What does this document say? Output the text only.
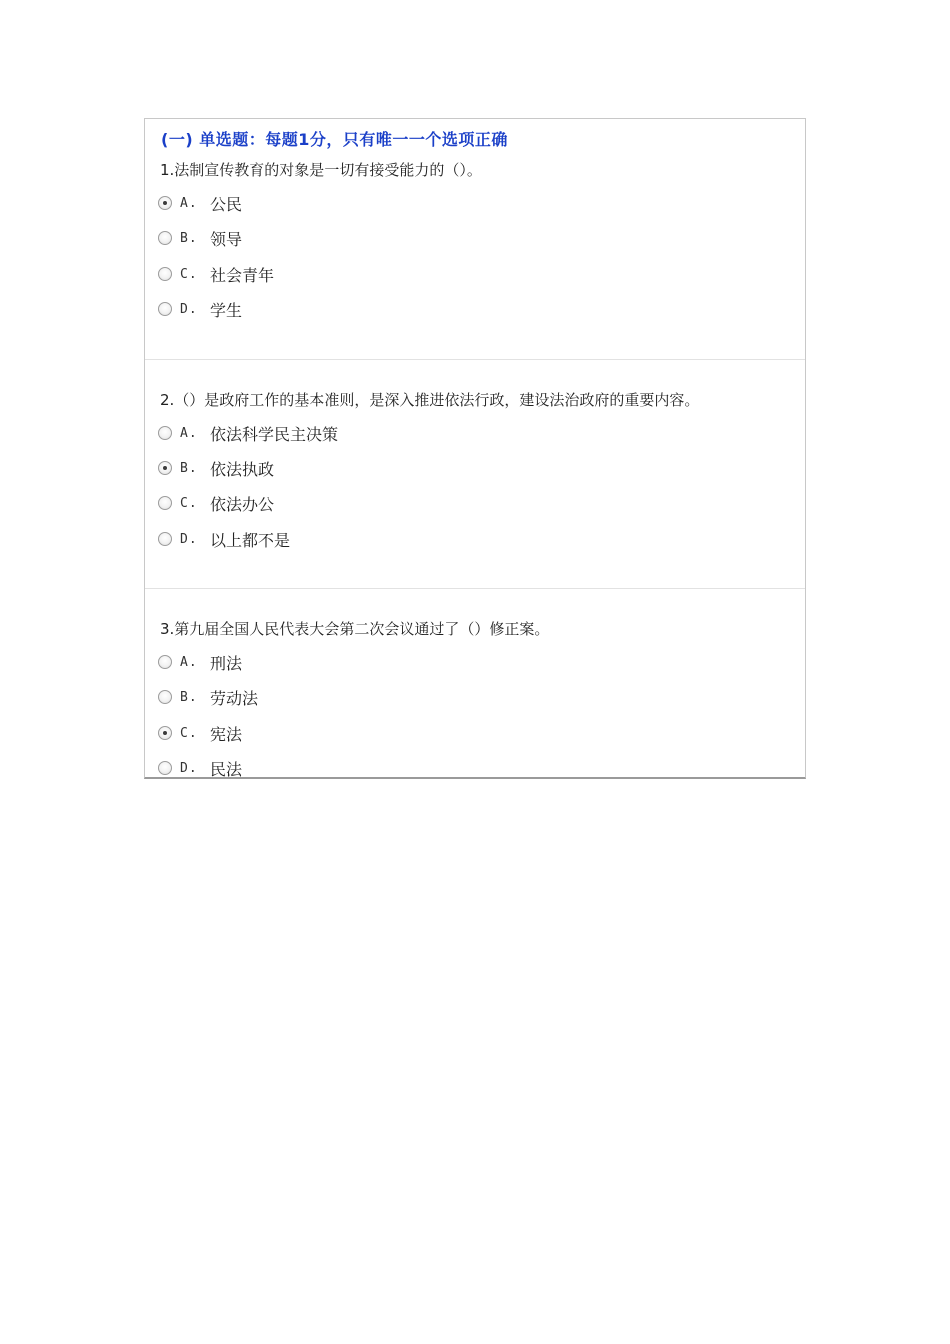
(一) 单选题：每题1分，只有唯一一个选项正确
1.法制宣传教育的对象是一切有接受能力的（）。
A. 公民
B. 领导
C. 社会青年
D. 学生
2.（）是政府工作的基本准则，是深入推进依法行政，建设法治政府的重要内容。
A. 依法科学民主决策
B. 依法执政
C. 依法办公
D. 以上都不是
3.第九届全国人民代表大会第二次会议通过了（）修正案。
A. 刑法
B. 劳动法
C. 宪法
D. 民法
